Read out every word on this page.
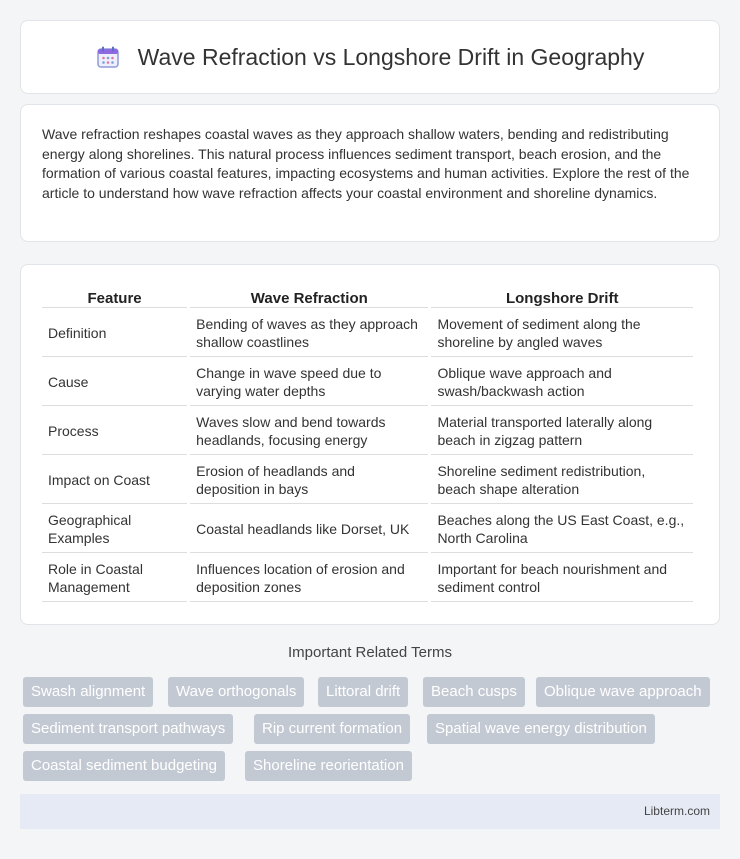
Wave Refraction vs Longshore Drift in Geography

Wave refraction reshapes coastal waves as they approach shallow waters, bending and redistributing energy along shorelines. This natural process influences sediment transport, beach erosion, and the formation of various coastal features, impacting ecosystems and human activities. Explore the rest of the article to understand how wave refraction affects your coastal environment and shoreline dynamics.

Feature	Wave Refraction	Longshore Drift
Definition	Bending of waves as they approach shallow coastlines	Movement of sediment along the shoreline by angled waves
Cause	Change in wave speed due to varying water depths	Oblique wave approach and swash/backwash action
Process	Waves slow and bend towards headlands, focusing energy	Material transported laterally along beach in zigzag pattern
Impact on Coast	Erosion of headlands and deposition in bays	Shoreline sediment redistribution, beach shape alteration
Geographical Examples	Coastal headlands like Dorset, UK	Beaches along the US East Coast, e.g., North Carolina
Role in Coastal Management	Influences location of erosion and deposition zones	Important for beach nourishment and sediment control
Important Related Terms
Swash alignment	Wave orthogonals	Littoral drift	Beach cusps	Oblique wave approach
Sediment transport pathways	Rip current formation	Spatial wave energy distribution
Coastal sediment budgeting	Shoreline reorientation
Libterm.com
